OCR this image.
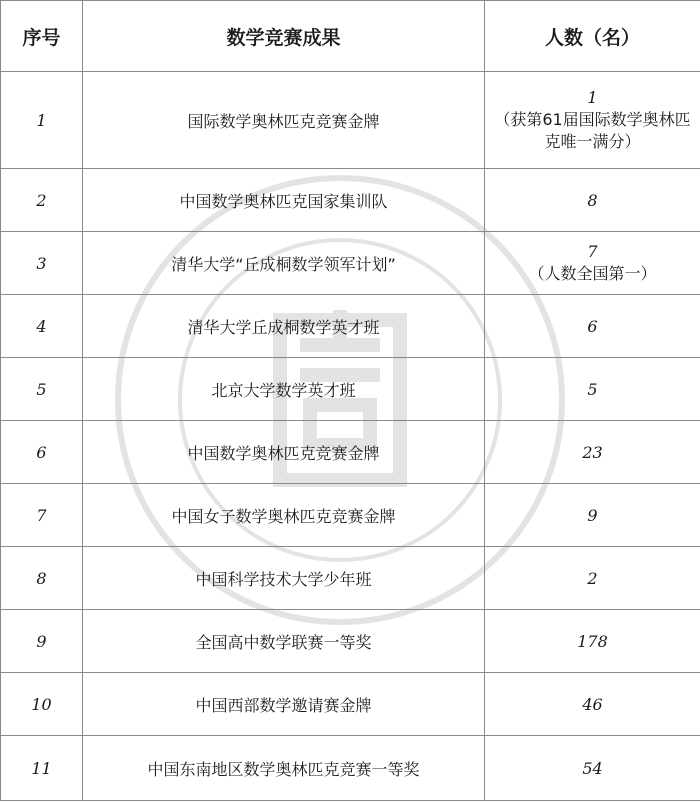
序号	数学竞赛成果	人数（名）
1	国际数学奥林匹克竞赛金牌	1
（获第61届国际数学奥林匹克唯一满分）

2	中国数学奥林匹克国家集训队	8
3	清华大学“丘成桐数学领军计划”	7
（人数全国第一）

4	清华大学丘成桐数学英才班	6
5	北京大学数学英才班	5
6	中国数学奥林匹克竞赛金牌	23
7	中国女子数学奥林匹克竞赛金牌	9
8	中国科学技术大学少年班	2
9	全国高中数学联赛一等奖	178
10	中国西部数学邀请赛金牌	46
11	中国东南地区数学奥林匹克竞赛一等奖	54
